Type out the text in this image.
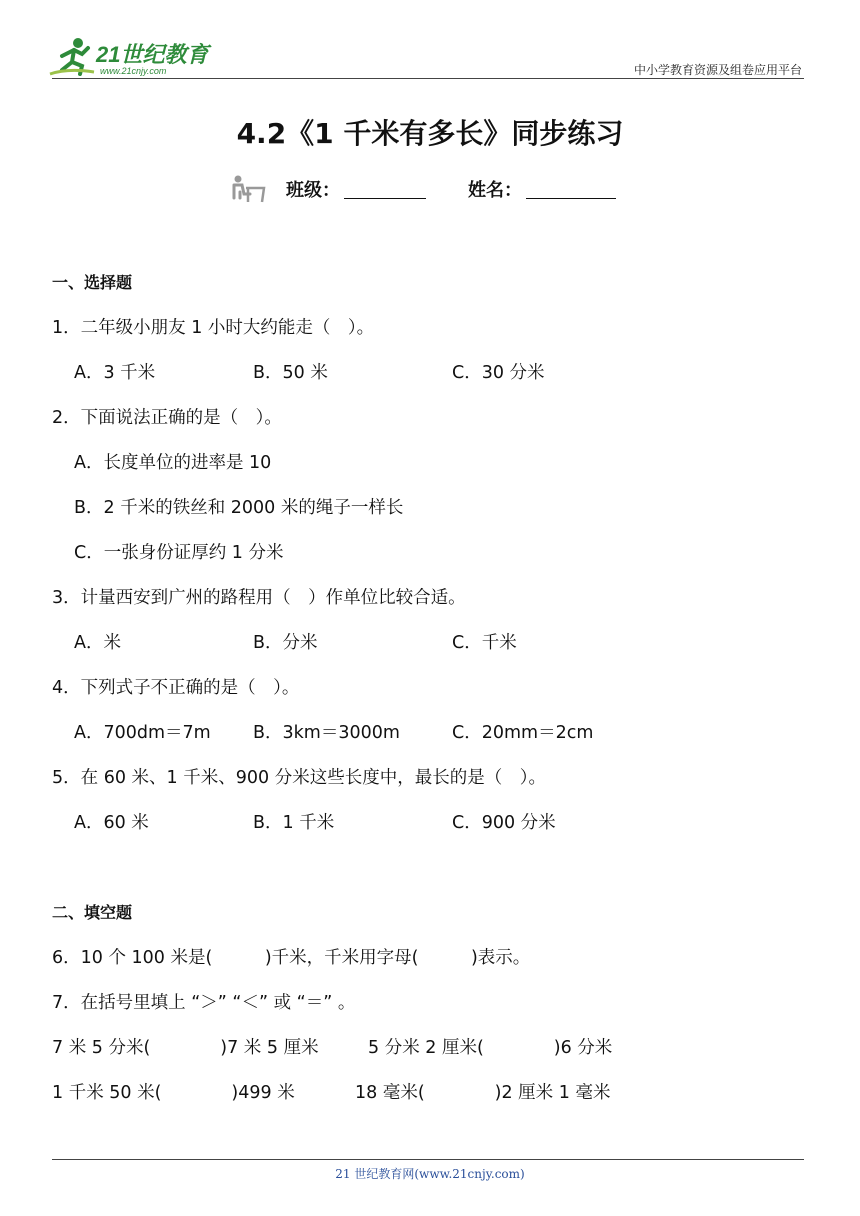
21世纪教育
www.21cnjy.com	中小学教育资源及组卷应用平台
4.2《1 千米有多长》同步练习
班级：	姓名：
一、选择题
1．二年级小朋友 1 小时大约能走（　）。
A．3 千米	B．50 米	C．30 分米
2．下面说法正确的是（　）。
A．长度单位的进率是 10
B．2 千米的铁丝和 2000 米的绳子一样长
C．一张身份证厚约 1 分米
3．计量西安到广州的路程用（　）作单位比较合适。
A．米	B．分米	C．千米
4．下列式子不正确的是（　）。
A．700dm＝7m B．3km＝3000m	C．20mm＝2cm
5．在 60 米、1 千米、900 分米这些长度中，最长的是（　）。
A．60 米	B．1 千米	C．900 分米
二、填空题
6．10 个 100 米是(　　　)千米，千米用字母(　　　)表示。
7．在括号里填上 “＞” “＜” 或 “＝” 。
7 米 5 分米(　　　　)7 米 5 厘米	5 分米 2 厘米(　　　　)6 分米
1 千米 50 米(　　　　)499 米	18 毫米(　　　　)2 厘米 1 毫米
21 世纪教育网(www.21cnjy.com)
